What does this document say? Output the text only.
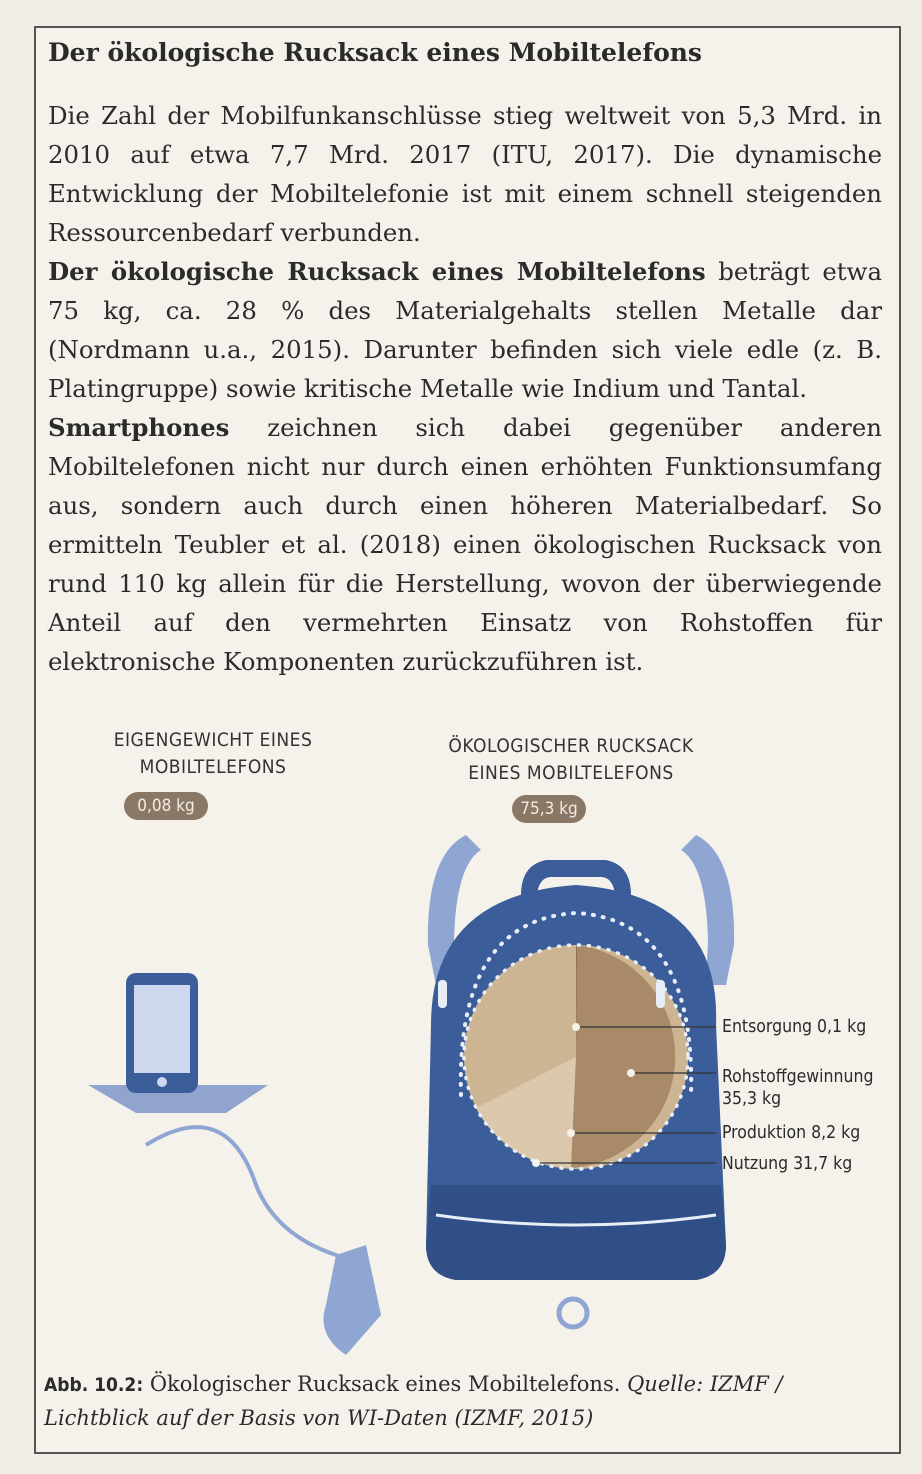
Der ökologische Rucksack eines Mobiltelefons

Die Zahl der Mobilfunkanschlüsse stieg weltweit von 5,3 Mrd. in 2010 auf etwa 7,7 Mrd. 2017 (ITU, 2017). Die dynamische Entwicklung der Mobiltelefonie ist mit einem schnell steigenden Ressourcenbedarf verbunden.

Der ökologische Rucksack eines Mobiltelefons beträgt etwa 75 kg, ca. 28 % des Materialgehalts stellen Metalle dar (Nordmann u.a., 2015). Darunter befinden sich viele edle (z. B. Platingruppe) sowie kritische Metalle wie Indium und Tantal.

Smartphones zeichnen sich dabei gegenüber anderen Mobiltelefonen nicht nur durch einen erhöhten Funktionsumfang aus, sondern auch durch einen höheren Materialbedarf. So ermitteln Teubler et al. (2018) einen ökologischen Rucksack von rund 110 kg allein für die Herstellung, wovon der überwiegende Anteil auf den vermehrten Einsatz von Rohstoffen für elektronische Komponenten zurückzuführen ist.

EIGENGEWICHT EINES
MOBILTELEFONS
0,08 kg
ÖKOLOGISCHER RUCKSACK
EINES MOBILTELEFONS
75,3 kg
Entsorgung 0,1 kg
Rohstoffgewinnung
35,3 kg
Produktion 8,2 kg
Nutzung 31,7 kg
Abb. 10.2: Ökologischer Rucksack eines Mobiltelefons. Quelle: IZMF / Lichtblick auf der Basis von WI-Daten (IZMF, 2015)
